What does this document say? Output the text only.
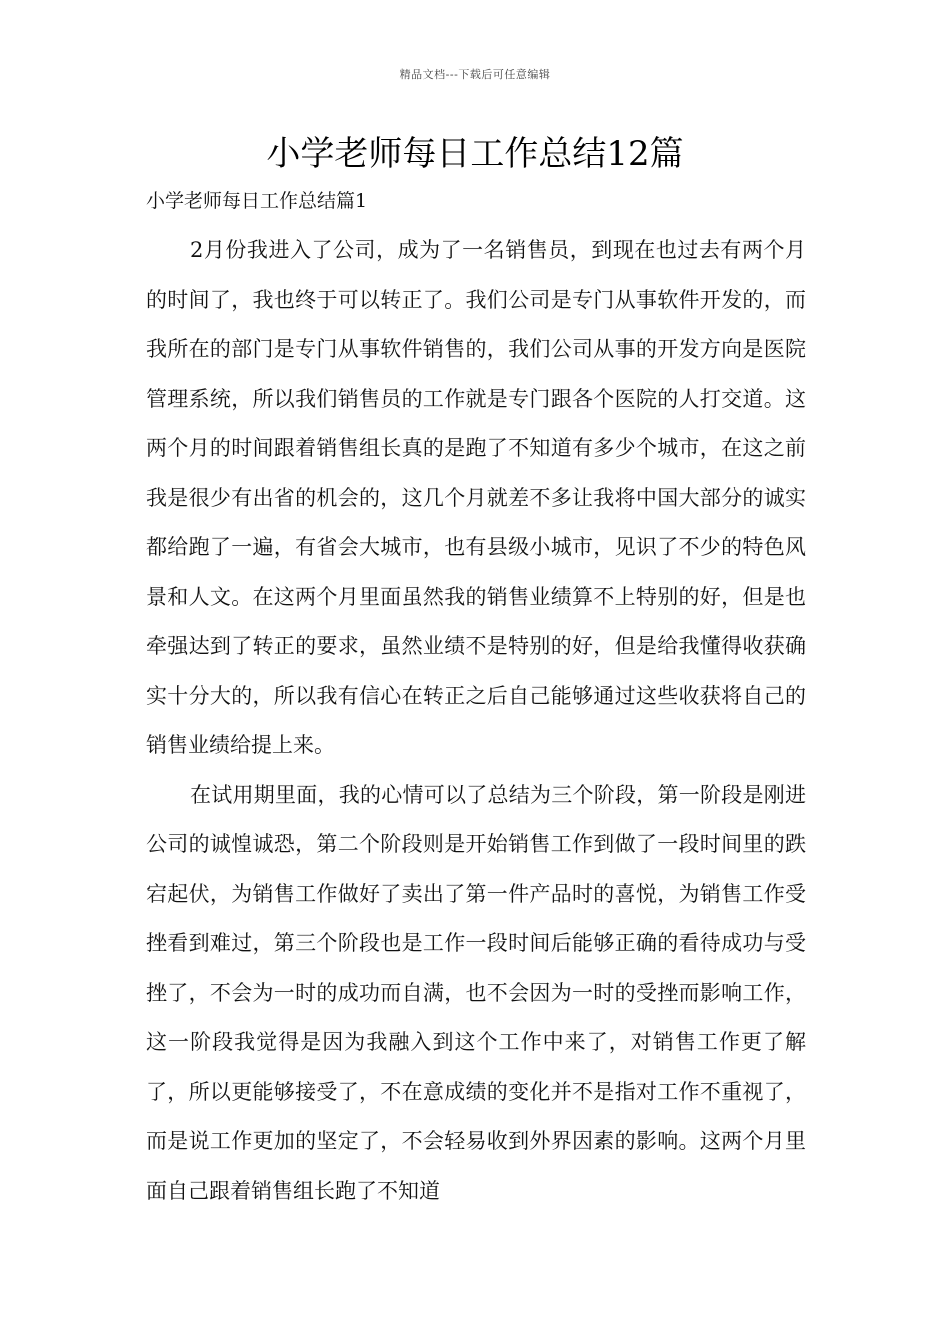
精品文档---下载后可任意编辑
小学老师每日工作总结12篇
小学老师每日工作总结篇1

2月份我进入了公司，成为了一名销售员，到现在也过去有两个月的时间了，我也终于可以转正了。我们公司是专门从事软件开发的，而我所在的部门是专门从事软件销售的，我们公司从事的开发方向是医院管理系统，所以我们销售员的工作就是专门跟各个医院的人打交道。这两个月的时间跟着销售组长真的是跑了不知道有多少个城市，在这之前我是很少有出省的机会的，这几个月就差不多让我将中国大部分的诚实都给跑了一遍，有省会大城市，也有县级小城市，见识了不少的特色风景和人文。在这两个月里面虽然我的销售业绩算不上特别的好，但是也牵强达到了转正的要求，虽然业绩不是特别的好，但是给我懂得收获确实十分大的，所以我有信心在转正之后自己能够通过这些收获将自己的销售业绩给提上来。

在试用期里面，我的心情可以了总结为三个阶段，第一阶段是刚进公司的诚惶诚恐，第二个阶段则是开始销售工作到做了一段时间里的跌宕起伏，为销售工作做好了卖出了第一件产品时的喜悦，为销售工作受挫看到难过，第三个阶段也是工作一段时间后能够正确的看待成功与受挫了，不会为一时的成功而自满，也不会因为一时的受挫而影响工作，这一阶段我觉得是因为我融入到这个工作中来了，对销售工作更了解了，所以更能够接受了，不在意成绩的变化并不是指对工作不重视了，而是说工作更加的坚定了，不会轻易收到外界因素的影响。这两个月里面自己跟着销售组长跑了不知道
